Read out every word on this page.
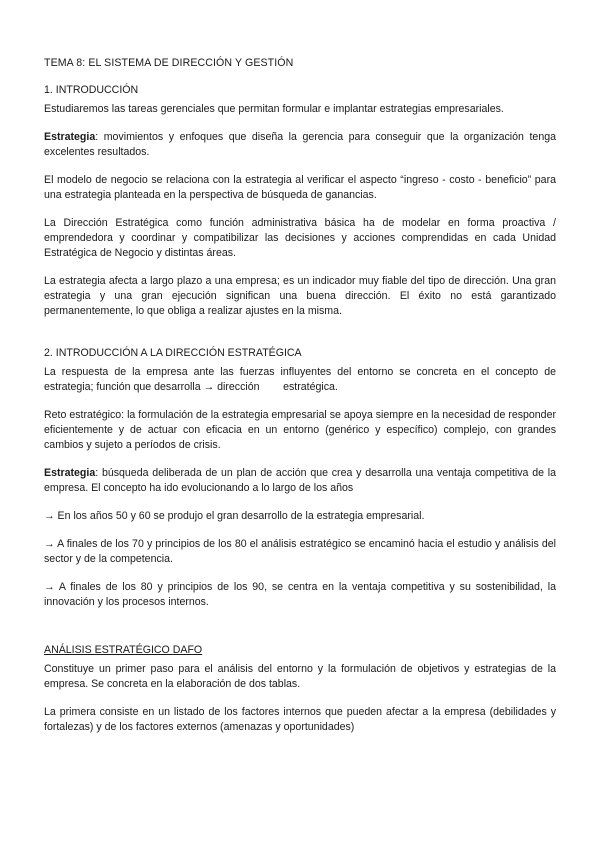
TEMA 8: EL SISTEMA DE DIRECCIÓN Y GESTIÓN
1. INTRODUCCIÓN

Estudiaremos las tareas gerenciales que permitan formular e implantar estrategias empresariales.

Estrategia: movimientos y enfoques que diseña la gerencia para conseguir que la organización tenga excelentes resultados.

El modelo de negocio se relaciona con la estrategia al verificar el aspecto “ingreso - costo - beneficio” para una estrategia planteada en la perspectiva de búsqueda de ganancias.

La Dirección Estratégica como función administrativa básica ha de modelar en forma proactiva / emprendedora y coordinar y compatibilizar las decisiones y acciones comprendidas en cada Unidad Estratégica de Negocio y distintas áreas.

La estrategia afecta a largo plazo a una empresa; es un indicador muy fiable del tipo de dirección. Una gran estrategia y una gran ejecución significan una buena dirección. El éxito no está garantizado permanentemente, lo que obliga a realizar ajustes en la misma.

2. INTRODUCCIÓN A LA DIRECCIÓN ESTRATÉGICA

La respuesta de la empresa ante las fuerzas influyentes del entorno se concreta en el concepto de estrategia; función que desarrolla → dirección        estratégica.

Reto estratégico: la formulación de la estrategia empresarial se apoya siempre en la necesidad de responder eficientemente y de actuar con eficacia en un entorno (genérico y específico) complejo, con grandes cambios y sujeto a períodos de crisis.

Estrategia: búsqueda deliberada de un plan de acción que crea y desarrolla una ventaja competitiva de la empresa. El concepto ha ido evolucionando a lo largo de los años

→ En los años 50 y 60 se produjo el gran desarrollo de la estrategia empresarial.

→ A finales de los 70 y principios de los 80 el análisis estratégico se encaminó hacia el estudio y análisis del sector y de la competencia.

→ A finales de los 80 y principios de los 90, se centra en la ventaja competitiva y su sostenibilidad, la innovación y los procesos internos.

ANÁLISIS ESTRATÉGICO DAFO

Constituye un primer paso para el análisis del entorno y la formulación de objetivos y estrategias de la empresa. Se concreta en la elaboración de dos tablas.

La primera consiste en un listado de los factores internos que pueden afectar a la empresa (debilidades y fortalezas) y de los factores externos (amenazas y oportunidades)
